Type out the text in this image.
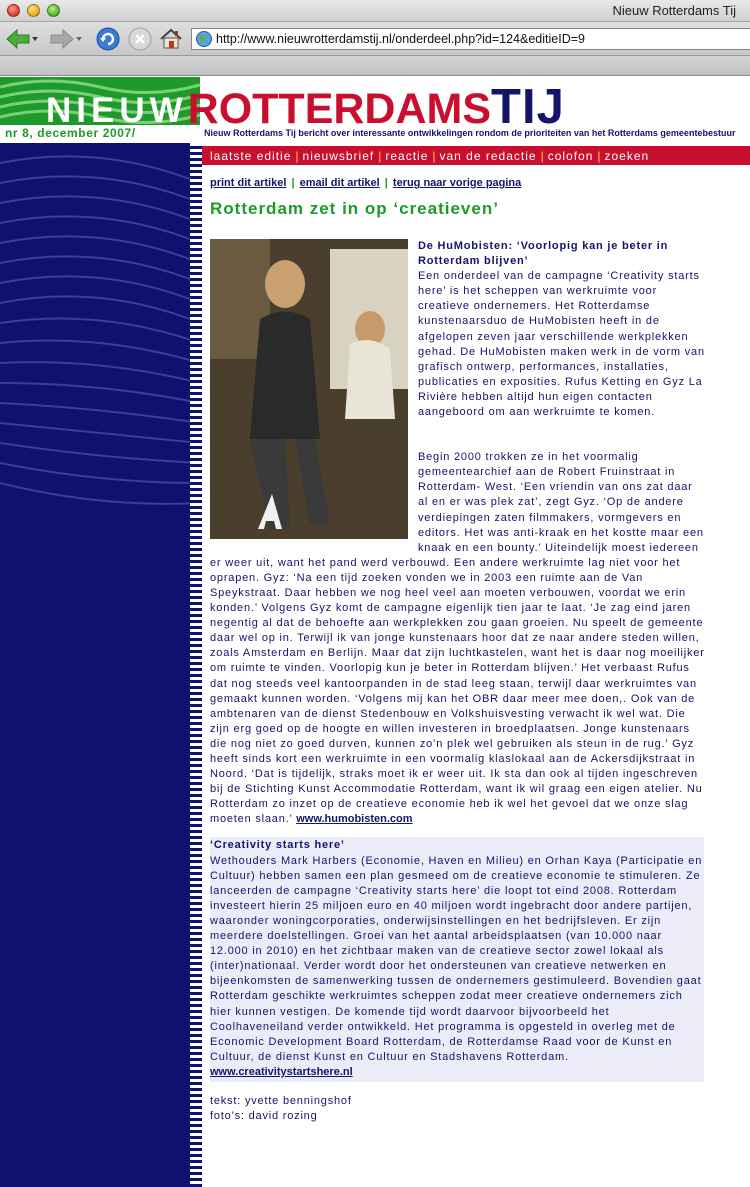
Nieuw Rotterdams Tij
http://www.nieuwrotterdamstij.nl/onderdeel.php?id=124&editieID=9
NIEUW ROTTERDAMS TIJ
nr 8, december 2007/	Nieuw Rotterdams Tij bericht over interessante ontwikkelingen rondom de prioriteiten van het Rotterdams gemeentebestuur
laatste editie | nieuwsbrief | reactie | van de redactie | colofon | zoeken
print dit artikel | email dit artikel | terug naar vorige pagina
Rotterdam zet in op ‘creatieven’

De HuMobisten: ‘Voorlopig kan je beter in Rotterdam blijven’

Een onderdeel van de campagne ‘Creativity starts here’ is het scheppen van werkruimte voor creatieve ondernemers. Het Rotterdamse kunstenaarsduo de HuMobisten heeft in de afgelopen zeven jaar verschillende werkplekken gehad. De HuMobisten maken werk in de vorm van grafisch ontwerp, performances, installaties, publicaties en exposities. Rufus Ketting en Gyz La Rivière hebben altijd hun eigen contacten aangeboord om aan werkruimte te komen.

Begin 2000 trokken ze in het voormalig gemeentearchief aan de Robert Fruinstraat in Rotterdam- West. ‘Een vriendin van ons zat daar al en er was plek zat’, zegt Gyz. ‘Op de andere verdiepingen zaten filmmakers, vormgevers en editors. Het was anti-kraak en het kostte maar een knaak en een bounty.’ Uiteindelijk moest iedereen er weer uit, want het pand werd verbouwd. Een andere werkruimte lag niet voor het oprapen. Gyz: ‘Na een tijd zoeken vonden we in 2003 een ruimte aan de Van Speykstraat. Daar hebben we nog heel veel aan moeten verbouwen, voordat we erin konden.’ Volgens Gyz komt de campagne eigenlijk tien jaar te laat. ‘Je zag eind jaren negentig al dat de behoefte aan werkplekken zou gaan groeien. Nu speelt de gemeente daar wel op in. Terwijl ik van jonge kunstenaars hoor dat ze naar andere steden willen, zoals Amsterdam en Berlijn. Maar dat zijn luchtkastelen, want het is daar nog moeilijker om ruimte te vinden. Voorlopig kun je beter in Rotterdam blijven.’ Het verbaast Rufus dat nog steeds veel kantoorpanden in de stad leeg staan, terwijl daar werkruimtes van gemaakt kunnen worden. ‘Volgens mij kan het OBR daar meer mee doen,. Ook van de ambtenaren van de dienst Stedenbouw en Volkshuisvesting verwacht ik wel wat. Die zijn erg goed op de hoogte en willen investeren in broedplaatsen. Jonge kunstenaars die nog niet zo goed durven, kunnen zo’n plek wel gebruiken als steun in de rug.’ Gyz heeft sinds kort een werkruimte in een voormalig klaslokaal aan de Ackersdijkstraat in Noord. ‘Dat is tijdelijk, straks moet ik er weer uit. Ik sta dan ook al tijden ingeschreven bij de Stichting Kunst Accommodatie Rotterdam, want ik wil graag een eigen atelier. Nu Rotterdam zo inzet op de creatieve economie heb ik wel het gevoel dat we onze slag moeten slaan.’ www.humobisten.com

‘Creativity starts here’

Wethouders Mark Harbers (Economie, Haven en Milieu) en Orhan Kaya (Participatie en Cultuur) hebben samen een plan gesmeed om de creatieve economie te stimuleren. Ze lanceerden de campagne ‘Creativity starts here’ die loopt tot eind 2008. Rotterdam investeert hierin 25 miljoen euro en 40 miljoen wordt ingebracht door andere partijen, waaronder woningcorporaties, onderwijsinstellingen en het bedrijfsleven. Er zijn meerdere doelstellingen. Groei van het aantal arbeidsplaatsen (van 10.000 naar 12.000 in 2010) en het zichtbaar maken van de creatieve sector zowel lokaal als (inter)nationaal. Verder wordt door het ondersteunen van creatieve netwerken en bijeenkomsten de samenwerking tussen de ondernemers gestimuleerd. Bovendien gaat Rotterdam geschikte werkruimtes scheppen zodat meer creatieve ondernemers zich hier kunnen vestigen. De komende tijd wordt daarvoor bijvoorbeeld het Coolhaveneiland verder ontwikkeld. Het programma is opgesteld in overleg met de Economic Development Board Rotterdam, de Rotterdamse Raad voor de Kunst en Cultuur, de dienst Kunst en Cultuur en Stadshavens Rotterdam.

www.creativitystartshere.nl

tekst: yvette benningshof

foto’s: david rozing
